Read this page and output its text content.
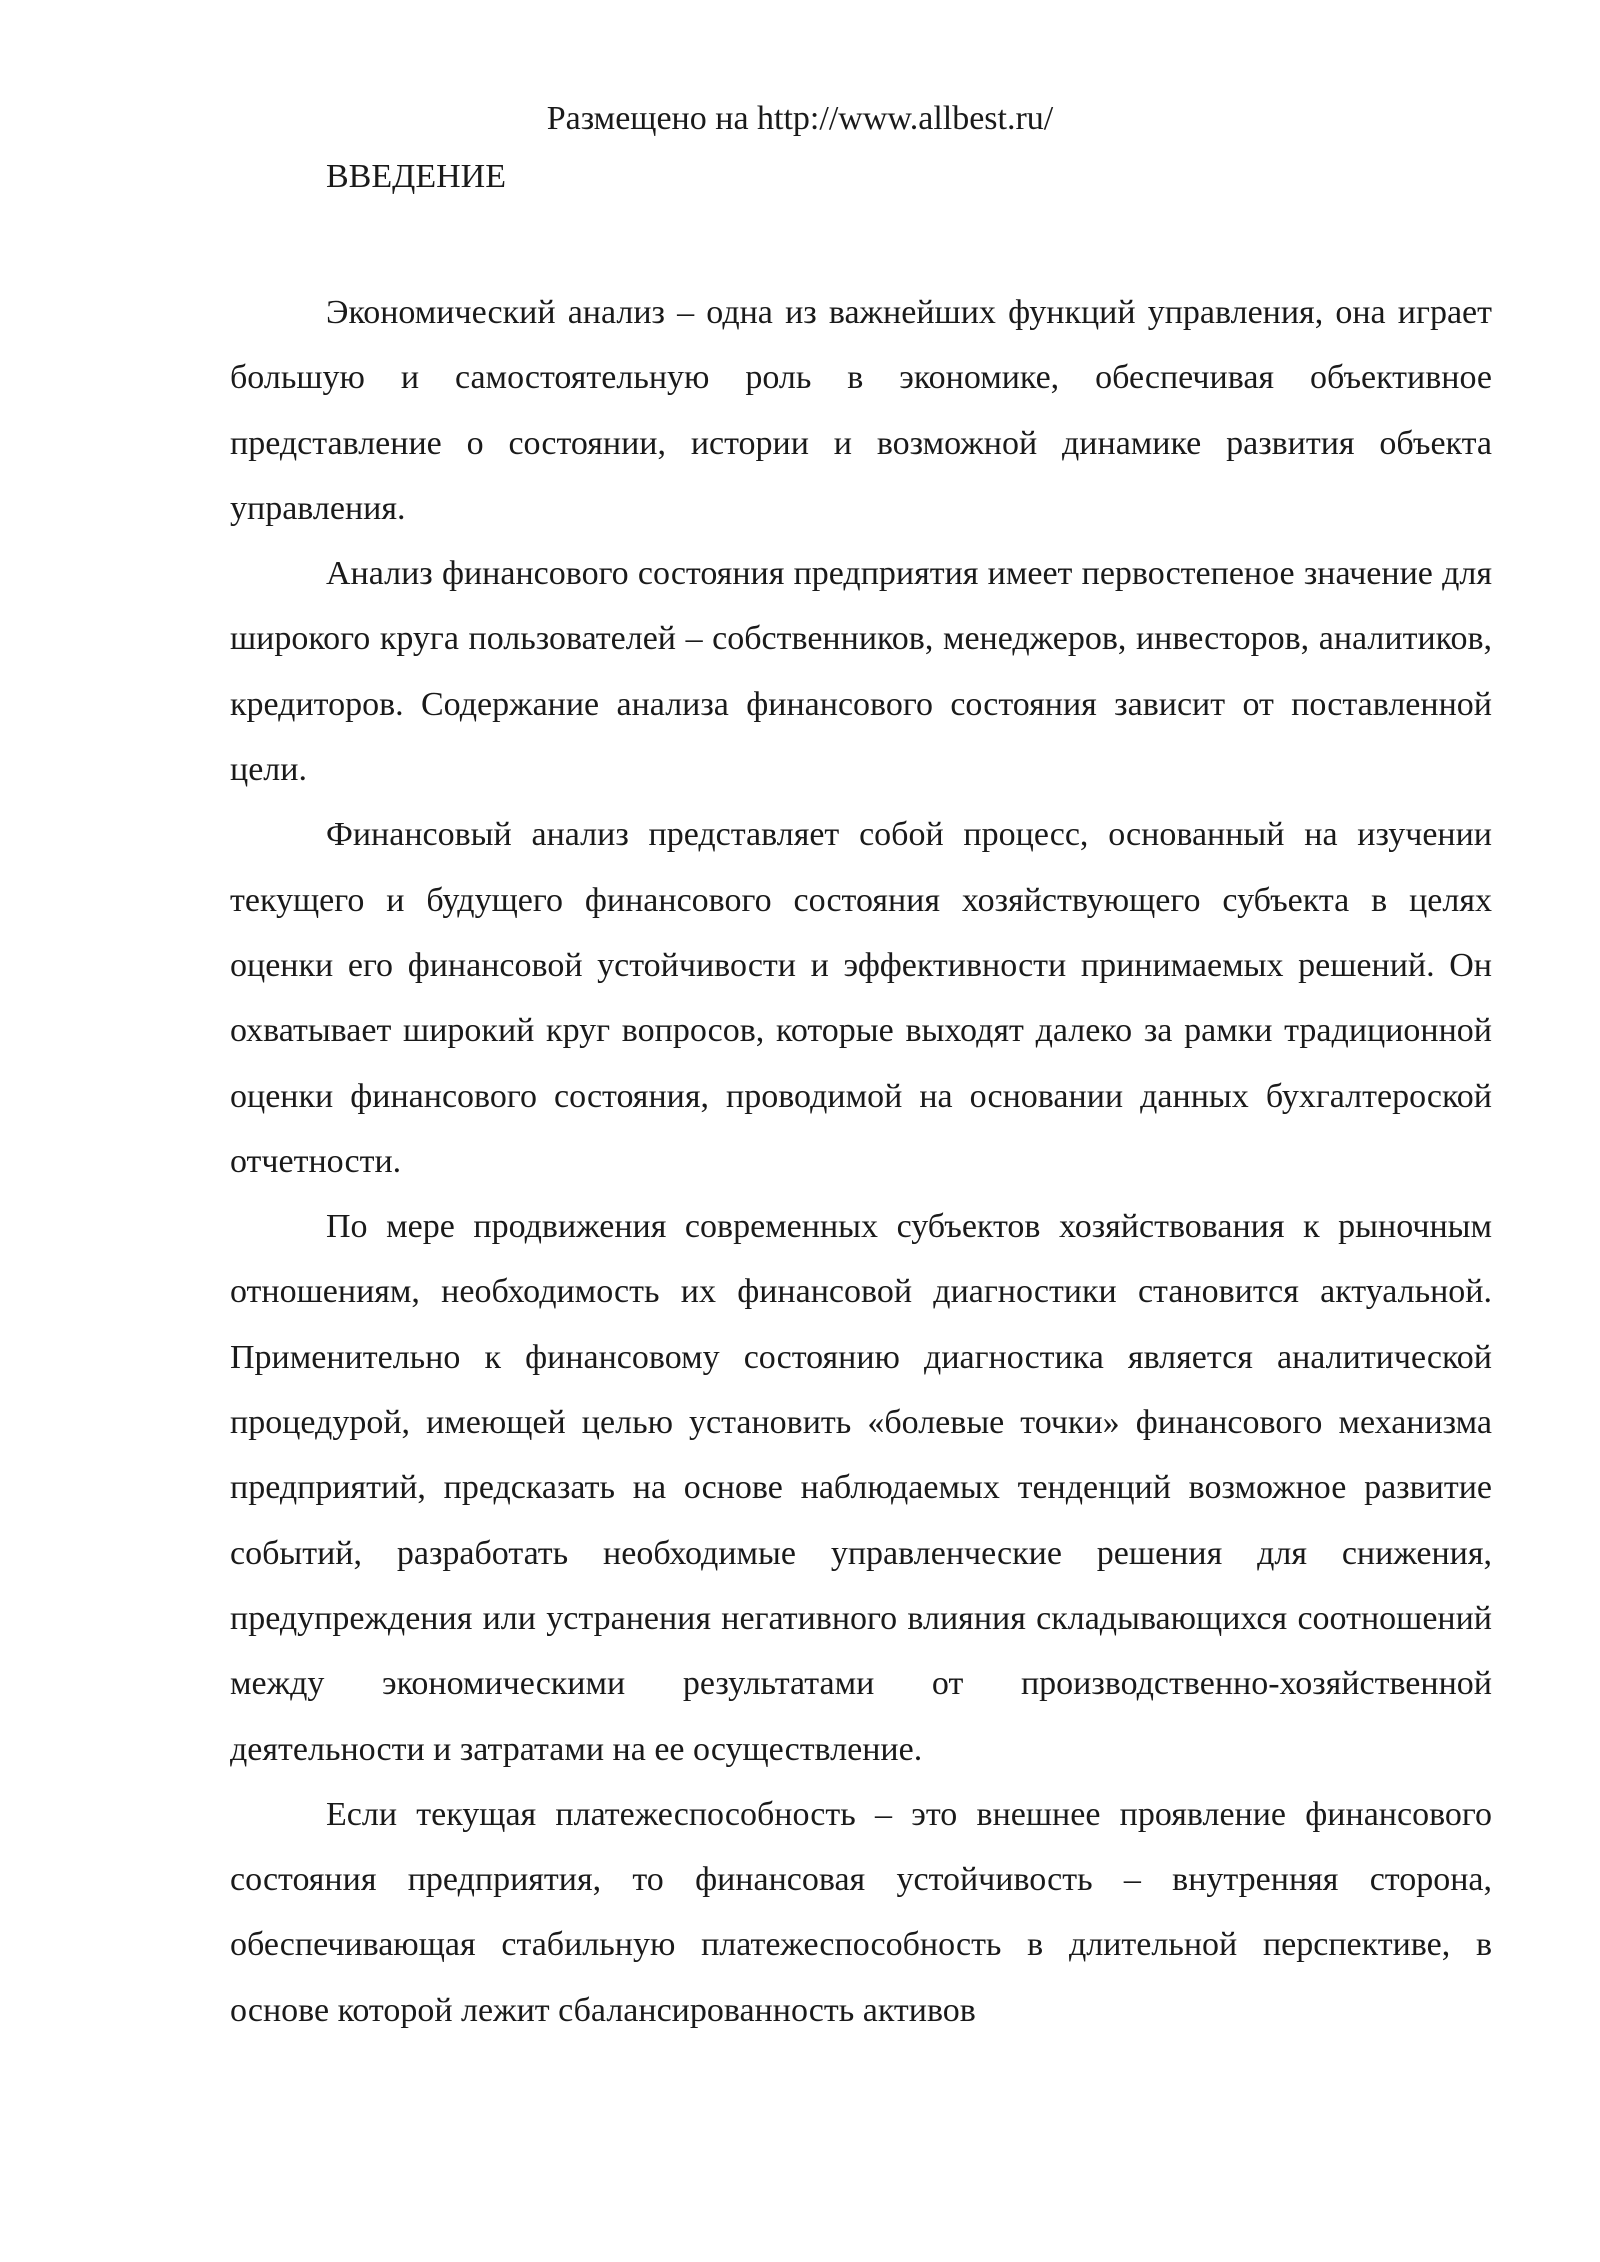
Размещено на http://www.allbest.ru/
ВВЕДЕНИЕ

Экономический анализ – одна из важнейших функций управления, она играет большую и самостоятельную роль в экономике, обеспечивая объективное представление о состоянии, истории и возможной динамике развития объекта управления.

Анализ финансового состояния предприятия имеет первостепеное значение для широкого круга пользователей – собственников, менеджеров, инвесторов, аналитиков, кредиторов. Содержание анализа финансового состояния зависит от поставленной цели.

Финансовый анализ представляет собой процесс, основанный на изучении текущего и будущего финансового состояния хозяйствующего субъекта в целях оценки его финансовой устойчивости и эффективности принимаемых решений. Он охватывает широкий круг вопросов, которые выходят далеко за рамки традиционной оценки финансового состояния, проводимой на основании данных бухгалтероской отчетности.

По мере продвижения современных субъектов хозяйствования к рыночным отношениям, необходимость их финансовой диагностики становится актуальной. Применительно к финансовому состоянию диагностика является аналитической процедурой, имеющей целью установить «болевые точки» финансового механизма предприятий, предсказать на основе наблюдаемых тенденций возможное развитие событий, разработать необходимые управленческие решения для снижения, предупреждения или устранения негативного влияния складывающихся соотношений между экономическими результатами от производственно-хозяйственной деятельности и затратами на ее осуществление.

Если текущая платежеспособность – это внешнее проявление финансового состояния предприятия, то финансовая устойчивость – внутренняя сторона, обеспечивающая стабильную платежеспособность в длительной перспективе, в основе которой лежит сбалансированность активов
